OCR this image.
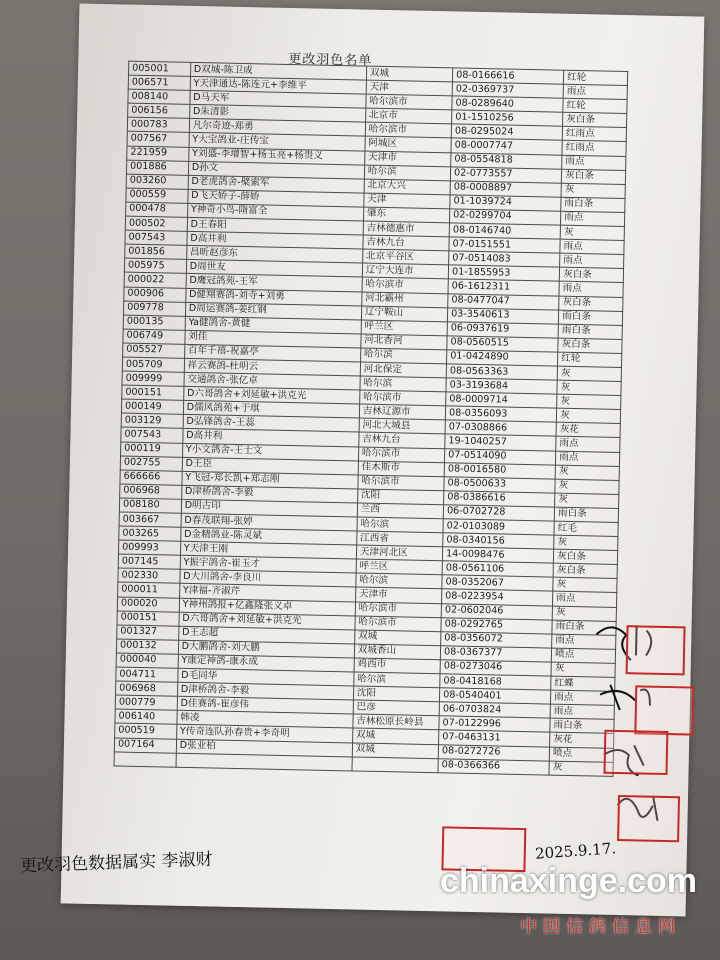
更改羽色名单
005001	D双城-陈卫成	双城	08-0166616	红轮
006571	Y天津通达-陈连元+李维平	天津	02-0369737	雨点
008140	D马天军	哈尔滨市	08-0289640	红轮
006156	D朱清影	北京市	01-1510256	灰白条
000783	凡尔奇迹-郑勇	哈尔滨市	08-0295024	红雨点
007567	Y大宝鸽业-庄传宝	阿城区	08-0007747	红雨点
221959	Y刘盛-李增智+杨玉亮+杨贵义	天津市	08-0554818	雨点
001886	D孙文	哈尔滨	02-0773557	灰白条
003260	D老虎鸽舍-檗索军	北京大兴	08-0008897	灰
000559	D飞天娇子-薛娇	天津	01-1039724	雨白条
000478	Y神奇小鸟-隋富全	肇东	02-0299704	雨点
000502	D王春阳	吉林德惠市	08-0146740	灰
007543	D高井利	吉林九台	07-0151551	雨点
001856	昌昕赵彦东	北京平谷区	07-0514083	雨点
005975	D周世友	辽宁大连市	01-1855953	灰白条
000022	D鹰冠鸽苑-王军	哈尔滨市	06-1612311	雨点
000906	D健翔赛鸽-刘寺+刘勇	河北霸州	08-0477047	灰白条
009778	D周运赛鸽-姜红钢	辽宁鞍山	03-3540613	雨白条
000135	Ya健鸽舍-黄健	呼兰区	06-0937619	雨白条
006749	刘佳	河北香河	08-0560515	灰白条
005527	百年千禧-祝嘉亭	哈尔滨	01-0424890	红轮
005709	祥云赛鸽-杜明云	河北保定	08-0563363	灰
009999	交通鸽舍-张亿卓	哈尔滨	03-3193684	灰
000151	D六哥鸽舍+刘延敏+洪克光	哈尔滨市	08-0009714	灰
000149	D儒风鸽苑+于琪	吉林辽源市	08-0356093	灰
003129	D弘锋鸽舍-王蕊	河北大城县	07-0308866	灰花
007543	D高井利	吉林九台	19-1040257	雨点
000119	Y小文鸽舍-王士文	哈尔滨市	07-0514090	雨点
002755	D王臣	佳木斯市	08-0016580	灰
666666	Y飞冠-郑长凯+郑志刚	哈尔滨市	08-0500633	灰
006968	D津桥鸽舍-李毅	沈阳	08-0386616	灰
008180	D明古印	兰西	06-0702728	雨白条
003667	D春茂联翔-张婷	哈尔滨	02-0103089	红毛
003265	D金精鸽业-陈灵斌	江西省	08-0340156	灰
009993	Y天津王刚	天津河北区	14-0098476	灰白条
007145	Y振宇鸽舍-崔玉才	呼兰区	08-0561106	灰白条
002330	D大川鸽舍-李良川	哈尔滨	08-0352067	灰
000011	Y津福-齐淑芹	天津市	08-0223954	雨点
000020	Y神州鸽报+亿鑫隆张义卓	哈尔滨市	02-0602046	灰
000151	D六哥鸽舍+刘延敏+洪克光	哈尔滨市	08-0292765	雨白条
001327	D王志超	双城	08-0356072	雨点
000132	D大鹏鸽舍-刘大鹏	双城香山	08-0367377	喷点
000040	Y康定神鸽-康永成	鸡西市	08-0273046	灰
004711	D毛同华	哈尔滨	08-0418168	红蝶
006968	D津桥鸽舍-李毅	沈阳	08-0540401	雨点
000779	D佳赛鸽-崔彦伟	巴彦	06-0703824	雨点
006140	韩凌	吉林松原长岭县	07-0122996	雨白条
000519	Y传奇连队孙春贵+李奇明	双城	07-0463131	灰花
007164	D张业柏	双城	08-0272726	喷点
			08-0366366	灰
更改羽色数据属实 李淑财	2025.9.17.
chinaxinge.com
中国信鸽信息网
